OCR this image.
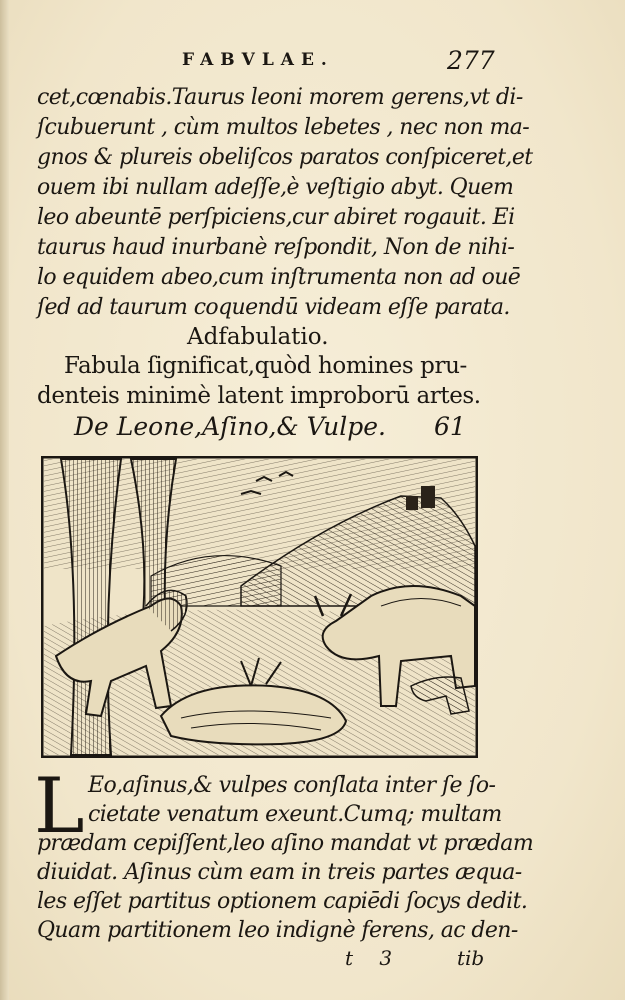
FABVLAE.	277
cet,cœnabis.Taurus leoni morem gerens,vt di-
ſcubuerunt , cùm multos lebetes , nec non ma-
gnos & plureis obeliſcos paratos conſpiceret,et
ouem ibi nullam adeſſe,è veſtigio abyt. Quem
leo abeuntē perſpiciens,cur abiret rogauit. Ei
taurus haud inurbanè reſpondit, Non de nihi-
lo equidem abeo,cum inſtrumenta non ad ouē
ſed ad taurum coquendū videam eſſe parata.
Adfabulatio.
Fabula ſignificat,quòd homines pru-
denteis minimè latent improborū artes.
De Leone,Aſino,& Vulpe. 61
L Eo,aſinus,& vulpes conſlata inter ſe ſo-
cietate venatum exeunt.Cumq; multam
prædam cepiſſent,leo aſino mandat vt prædam
diuidat. Aſinus cùm eam in treis partes æqua-
les eſſet partitus optionem capiēdi ſocys dedit.
Quam partitionem leo indignè ferens, ac den-
t 3	tib
